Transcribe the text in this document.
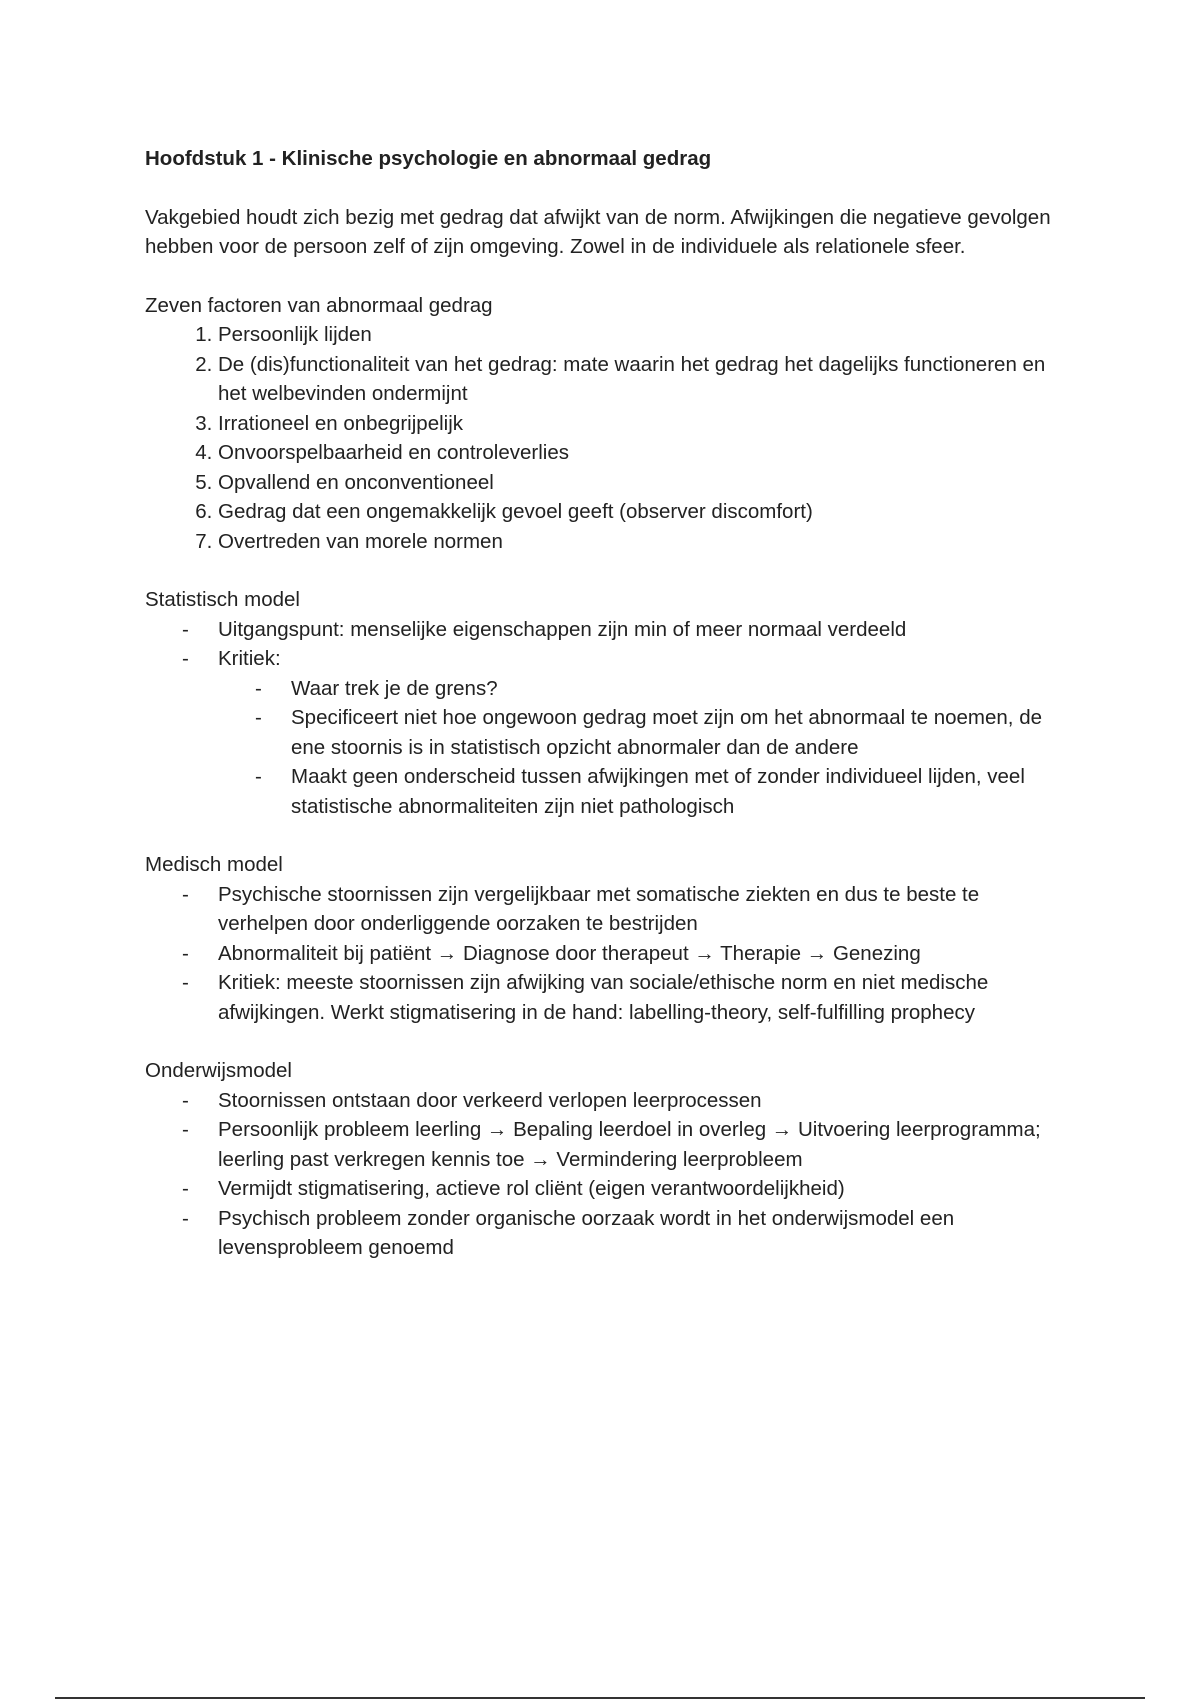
Hoofdstuk 1 - Klinische psychologie en abnormaal gedrag

Vakgebied houdt zich bezig met gedrag dat afwijkt van de norm. Afwijkingen die negatieve gevolgen hebben voor de persoon zelf of zijn omgeving. Zowel in de individuele als relationele sfeer.

Zeven factoren van abnormaal gedrag
1. Persoonlijk lijden
2. De (dis)functionaliteit van het gedrag: mate waarin het gedrag het dagelijks functioneren en het welbevinden ondermijnt
3. Irrationeel en onbegrijpelijk
4. Onvoorspelbaarheid en controleverlies
5. Opvallend en onconventioneel
6. Gedrag dat een ongemakkelijk gevoel geeft (observer discomfort)
7. Overtreden van morele normen
Statistisch model
- Uitgangspunt: menselijke eigenschappen zijn min of meer normaal verdeeld
- Kritiek:
- Waar trek je de grens?
- Specificeert niet hoe ongewoon gedrag moet zijn om het abnormaal te noemen, de ene stoornis is in statistisch opzicht abnormaler dan de andere
- Maakt geen onderscheid tussen afwijkingen met of zonder individueel lijden, veel statistische abnormaliteiten zijn niet pathologisch
Medisch model
- Psychische stoornissen zijn vergelijkbaar met somatische ziekten en dus te beste te verhelpen door onderliggende oorzaken te bestrijden
- Abnormaliteit bij patiënt → Diagnose door therapeut → Therapie → Genezing
- Kritiek: meeste stoornissen zijn afwijking van sociale/ethische norm en niet medische afwijkingen. Werkt stigmatisering in de hand: labelling-theory, self-fulfilling prophecy
Onderwijsmodel
- Stoornissen ontstaan door verkeerd verlopen leerprocessen
- Persoonlijk probleem leerling → Bepaling leerdoel in overleg → Uitvoering leerprogramma; leerling past verkregen kennis toe → Vermindering leerprobleem
- Vermijdt stigmatisering, actieve rol cliënt (eigen verantwoordelijkheid)
- Psychisch probleem zonder organische oorzaak wordt in het onderwijsmodel een levensprobleem genoemd
